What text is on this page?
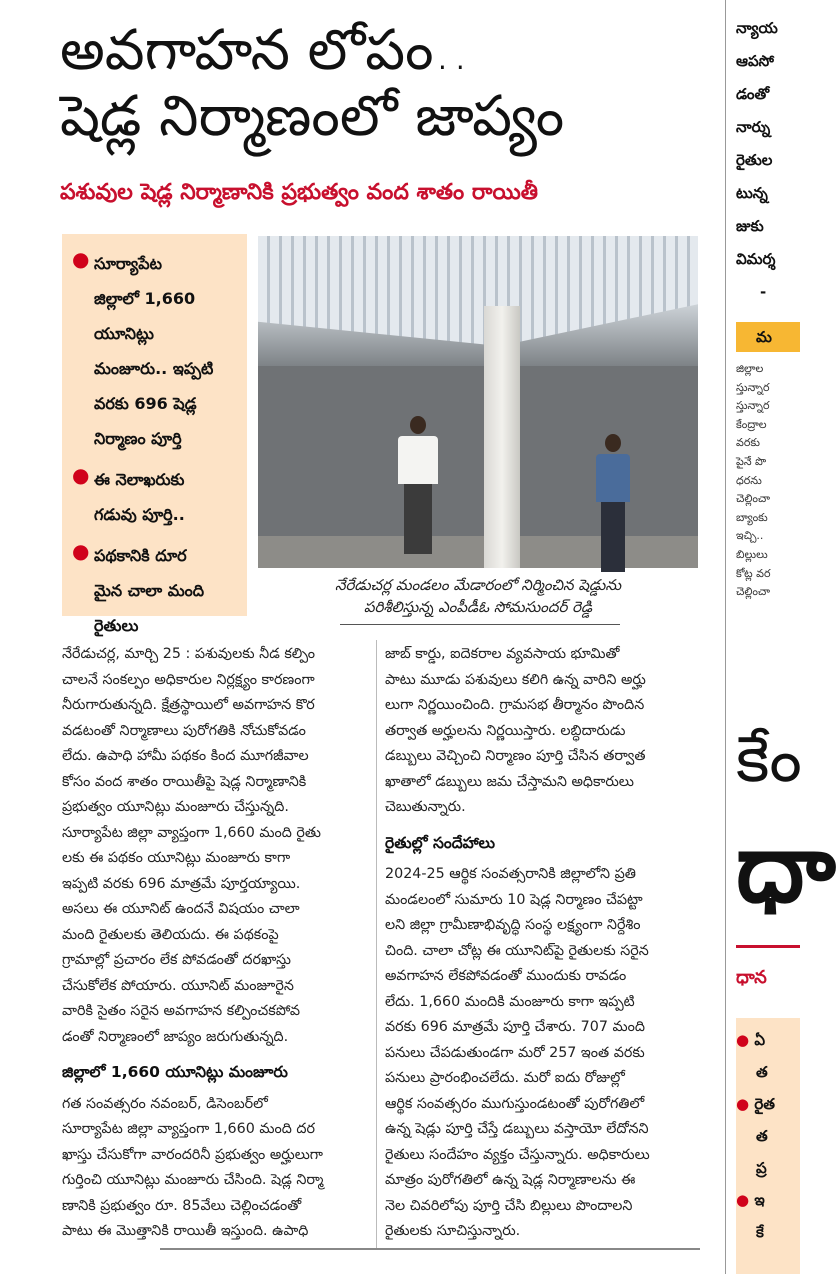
అవగాహన లోపం..
షెడ్ల నిర్మాణంలో జాప్యం
పశువుల షెడ్ల నిర్మాణానికి ప్రభుత్వం వంద శాతం రాయితీ
● సూర్యాపేట
జిల్లాలో 1,660
యూనిట్లు
మంజూరు.. ఇప్పటి
వరకు 696 షెడ్ల
నిర్మాణం పూర్తి
● ఈ నెలాఖరుకు
గడువు పూర్తి..
● పథకానికి దూర
మైన చాలా మంది
రైతులు
నేరేడుచర్ల మండలం మేడారంలో నిర్మించిన షెడ్డును
పరిశీలిస్తున్న ఎంపీడీఓ సోమసుందర్ రెడ్డి

నేరేడుచర్ల, మార్చి 25 : పశువులకు నీడ కల్పిం

చాలనే సంకల్పం అధికారుల నిర్లక్ష్యం కారణంగా

నీరుగారుతున్నది. క్షేత్రస్థాయిలో అవగాహన కొర

వడటంతో నిర్మాణాలు పురోగతికి నోచుకోవడం

లేదు. ఉపాధి హామీ పథకం కింద మూగజీవాల

కోసం వంద శాతం రాయితీపై షెడ్ల నిర్మాణానికి

ప్రభుత్వం యూనిట్లు మంజూరు చేస్తున్నది.

సూర్యాపేట జిల్లా వ్యాప్తంగా 1,660 మంది రైతు

లకు ఈ పథకం యూనిట్లు మంజూరు కాగా

ఇప్పటి వరకు 696 మాత్రమే పూర్తయ్యాయి.

అసలు ఈ యూనిట్ ఉందనే విషయం చాలా

మంది రైతులకు తెలియదు. ఈ పథకంపై

గ్రామాల్లో ప్రచారం లేక పోవడంతో దరఖాస్తు

చేసుకోలేక పోయారు. యూనిట్ మంజూరైన

వారికి సైతం సరైన అవగాహన కల్పించకపోవ

డంతో నిర్మాణంలో జాప్యం జరుగుతున్నది.

జిల్లాలో 1,660 యూనిట్లు మంజూరు

గత సంవత్సరం నవంబర్, డిసెంబర్‌లో

సూర్యాపేట జిల్లా వ్యాప్తంగా 1,660 మంది దర

ఖాస్తు చేసుకోగా వారందరినీ ప్రభుత్వం అర్హులుగా

గుర్తించి యూనిట్లు మంజూరు చేసింది. షెడ్ల నిర్మా

ణానికి ప్రభుత్వం రూ. 85వేలు చెల్లించడంతో

పాటు ఈ మొత్తానికి రాయితీ ఇస్తుంది. ఉపాధి

జాబ్ కార్డు, ఐదెకరాల వ్యవసాయ భూమితో

పాటు మూడు పశువులు కలిగి ఉన్న వారిని అర్హు

లుగా నిర్ణయించింది. గ్రామసభ తీర్మానం పొందిన

తర్వాత అర్హులను నిర్ణయిస్తారు. లబ్ధిదారుడు

డబ్బులు వెచ్చించి నిర్మాణం పూర్తి చేసిన తర్వాత

ఖాతాలో డబ్బులు జమ చేస్తామని అధికారులు

చెబుతున్నారు.

రైతుల్లో సందేహాలు

2024-25 ఆర్థిక సంవత్సరానికి జిల్లాలోని ప్రతి

మండలంలో సుమారు 10 షెడ్ల నిర్మాణం చేపట్టా

లని జిల్లా గ్రామీణాభివృద్ధి సంస్థ లక్ష్యంగా నిర్దేశిం

చింది. చాలా చోట్ల ఈ యూనిట్‌పై రైతులకు సరైన

అవగాహన లేకపోవడంతో ముందుకు రావడం

లేదు. 1,660 మందికి మంజూరు కాగా ఇప్పటి

వరకు 696 మాత్రమే పూర్తి చేశారు. 707 మంది

పనులు చేపడుతుండగా మరో 257 ఇంత వరకు

పనులు ప్రారంభించలేదు. మరో ఐదు రోజుల్లో

ఆర్థిక సంవత్సరం ముగుస్తుండటంతో పురోగతిలో

ఉన్న షెడ్లు పూర్తి చేస్తే డబ్బులు వస్తాయో లేదోనని

రైతులు సందేహం వ్యక్తం చేస్తున్నారు. అధికారులు

మాత్రం పురోగతిలో ఉన్న షెడ్ల నిర్మాణాలను ఈ

నెల చివరిలోపు పూర్తి చేసి బిల్లులు పొందాలని

రైతులకు సూచిస్తున్నారు.

న్యాయ
ఆపసో
డంతో
నార్ను
రైతుల
టున్న
జుకు
విమర్శ
-
మ
జిల్లాల
స్తున్నార
స్తున్నార
కేంద్రాల
వరకు
పైనే పొ
ధరను
చెల్లించా
బ్యాంకు
ఇచ్చి..
బిల్లులు
కోట్ల వర
చెల్లించా
కేం
ధా
ధాన
● ఏ
త
● రైత
త
ప్ర
● ఇ
కే
